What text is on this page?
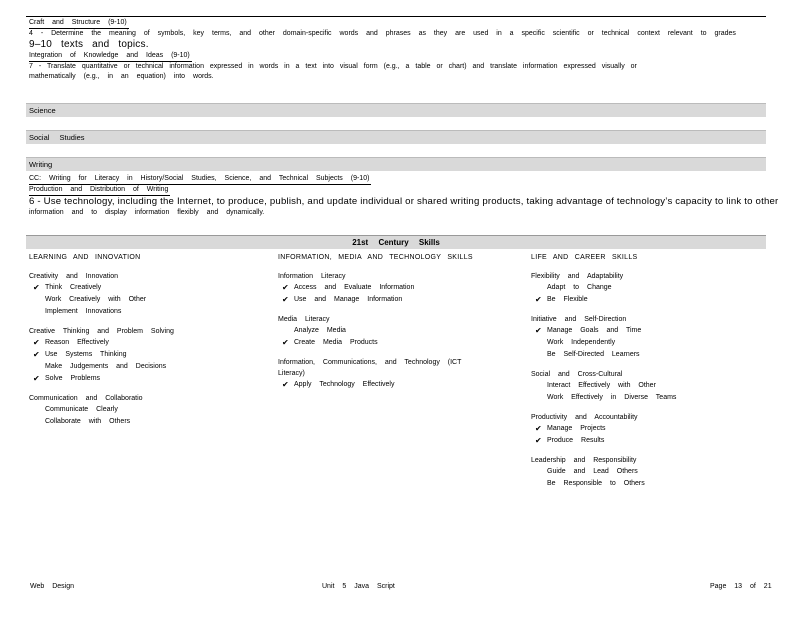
Craft and Structure (9-10)
4 - Determine the meaning of symbols, key terms, and other domain-specific words and phrases as they are used in a specific scientific or technical context relevant to grades
9–10 texts and topics.
Integration of Knowledge and Ideas (9-10)
7 - Translate quantitative or technical information expressed in words in a text into visual form (e.g., a table or chart) and translate information expressed visually or
mathematically (e.g., in an equation) into words.
Science
Social Studies
Writing
CC: Writing for Literacy in History/Social Studies, Science, and Technical Subjects (9-10)
Production and Distribution of Writing
6 - Use technology, including the Internet, to produce, publish, and update individual or shared writing products, taking advantage of technology’s capacity to link to other
information and to display information flexibly and dynamically.
21st Century Skills
LEARNING AND INNOVATION
Creativity and Innovation
✔ Think Creatively
Work Creatively with Other
Implement Innovations
Creative Thinking and Problem Solving
✔ Reason Effectively
✔ Use Systems Thinking
Make Judgements and Decisions
✔ Solve Problems
Communication and Collaboratio
Communicate Clearly
Collaborate with Others
INFORMATION, MEDIA AND TECHNOLOGY SKILLS
Information Literacy
✔ Access and Evaluate Information
✔ Use and Manage Information
Media Literacy
Analyze Media
✔ Create Media Products
Information, Communications, and Technology (ICT Literacy)
✔ Apply Technology Effectively
LIFE AND CAREER SKILLS
Flexibility and Adaptability
Adapt to Change
✔ Be Flexible
Initiative and Self-Direction
✔ Manage Goals and Time
Work Independently
Be Self-Directed Learners
Social and Cross-Cultural
Interact Effectively with Other
Work Effectively in Diverse Teams
Productivity and Accountability
✔ Manage Projects
✔ Produce Results
Leadership and Responsibility
Guide and Lead Others
Be Responsible to Others
Web Design	Unit 5 Java Script	Page 13 of 21
